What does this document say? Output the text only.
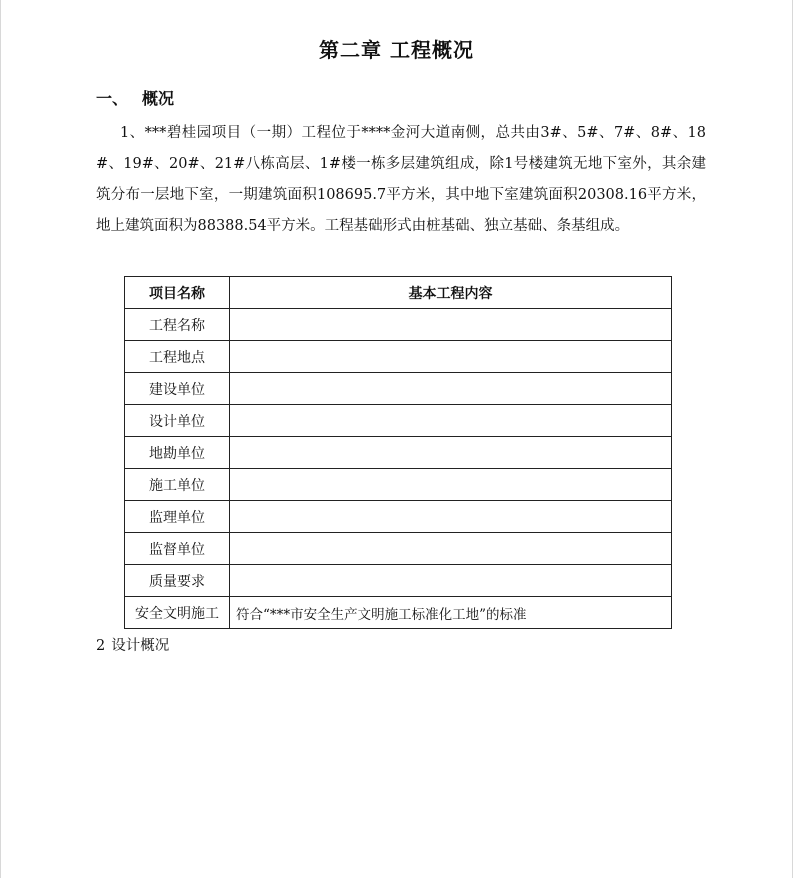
第二章 工程概况
一、 概况
1、***碧桂园项目（一期）工程位于****金河大道南侧，总共由3#、5#、7#、8#、18#、19#、20#、21#八栋高层、1#楼一栋多层建筑组成，除1号楼建筑无地下室外，其余建筑分布一层地下室，一期建筑面积108695.7平方米，其中地下室建筑面积20308.16平方米，地上建筑面积为88388.54平方米。工程基础形式由桩基础、独立基础、条基组成。
项目名称	基本工程内容
工程名称	
工程地点	
建设单位	
设计单位	
地勘单位	
施工单位	
监理单位	
监督单位	
质量要求	
安全文明施工	符合“***市安全生产文明施工标准化工地”的标准
2 设计概况
